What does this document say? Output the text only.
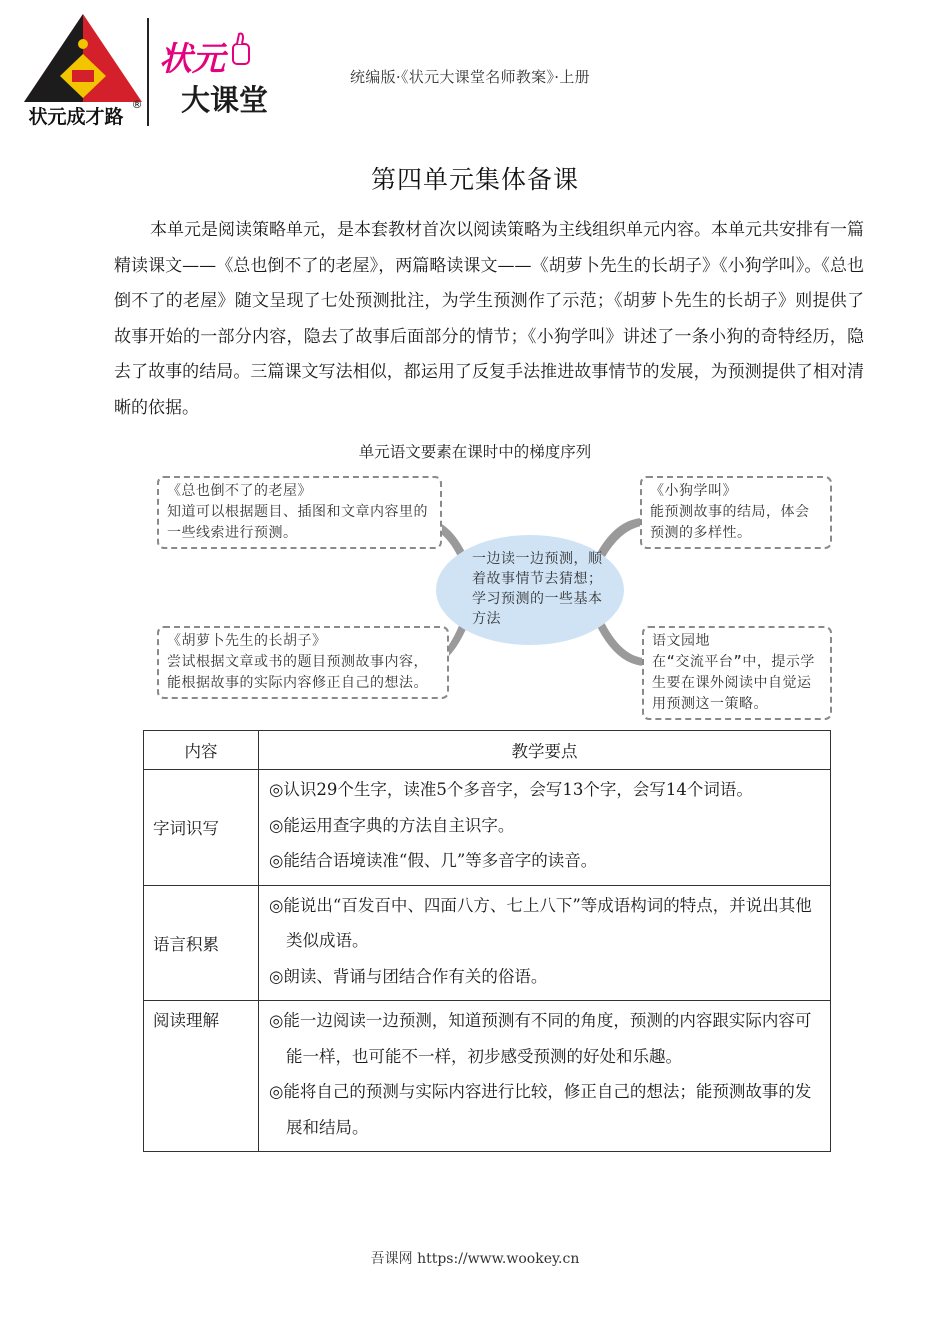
状元成才路
®
状元
大课堂
统编版·《状元大课堂名师教案》·上册
第四单元集体备课
本单元是阅读策略单元，是本套教材首次以阅读策略为主线组织单元内容。本单元共安排有一篇精读课文——《总也倒不了的老屋》，两篇略读课文——《胡萝卜先生的长胡子》《小狗学叫》。《总也倒不了的老屋》随文呈现了七处预测批注，为学生预测作了示范；《胡萝卜先生的长胡子》则提供了故事开始的一部分内容，隐去了故事后面部分的情节；《小狗学叫》讲述了一条小狗的奇特经历，隐去了故事的结局。三篇课文写法相似，都运用了反复手法推进故事情节的发展，为预测提供了相对清晰的依据。
单元语文要素在课时中的梯度序列
一边读一边预测，顺着故事情节去猜想；学习预测的一些基本方法
《总也倒不了的老屋》
知道可以根据题目、插图和文章内容里的一些线索进行预测。
《小狗学叫》
能预测故事的结局，体会预测的多样性。
《胡萝卜先生的长胡子》
尝试根据文章或书的题目预测故事内容，能根据故事的实际内容修正自己的想法。
语文园地
在“交流平台”中，提示学生要在课外阅读中自觉运用预测这一策略。
内容	教学要点
字词识写	◎认识29个生字，读准5个多音字，会写13个字，会写14个词语。
◎能运用查字典的方法自主识字。
◎能结合语境读准“假、几”等多音字的读音。

语言积累	◎能说出“百发百中、四面八方、七上八下”等成语构词的特点，并说出其他类似成语。
◎朗读、背诵与团结合作有关的俗语。

阅读理解	◎能一边阅读一边预测，知道预测有不同的角度，预测的内容跟实际内容可能一样，也可能不一样，初步感受预测的好处和乐趣。
◎能将自己的预测与实际内容进行比较，修正自己的想法；能预测故事的发展和结局。
吾课网 https://www.wookey.cn
